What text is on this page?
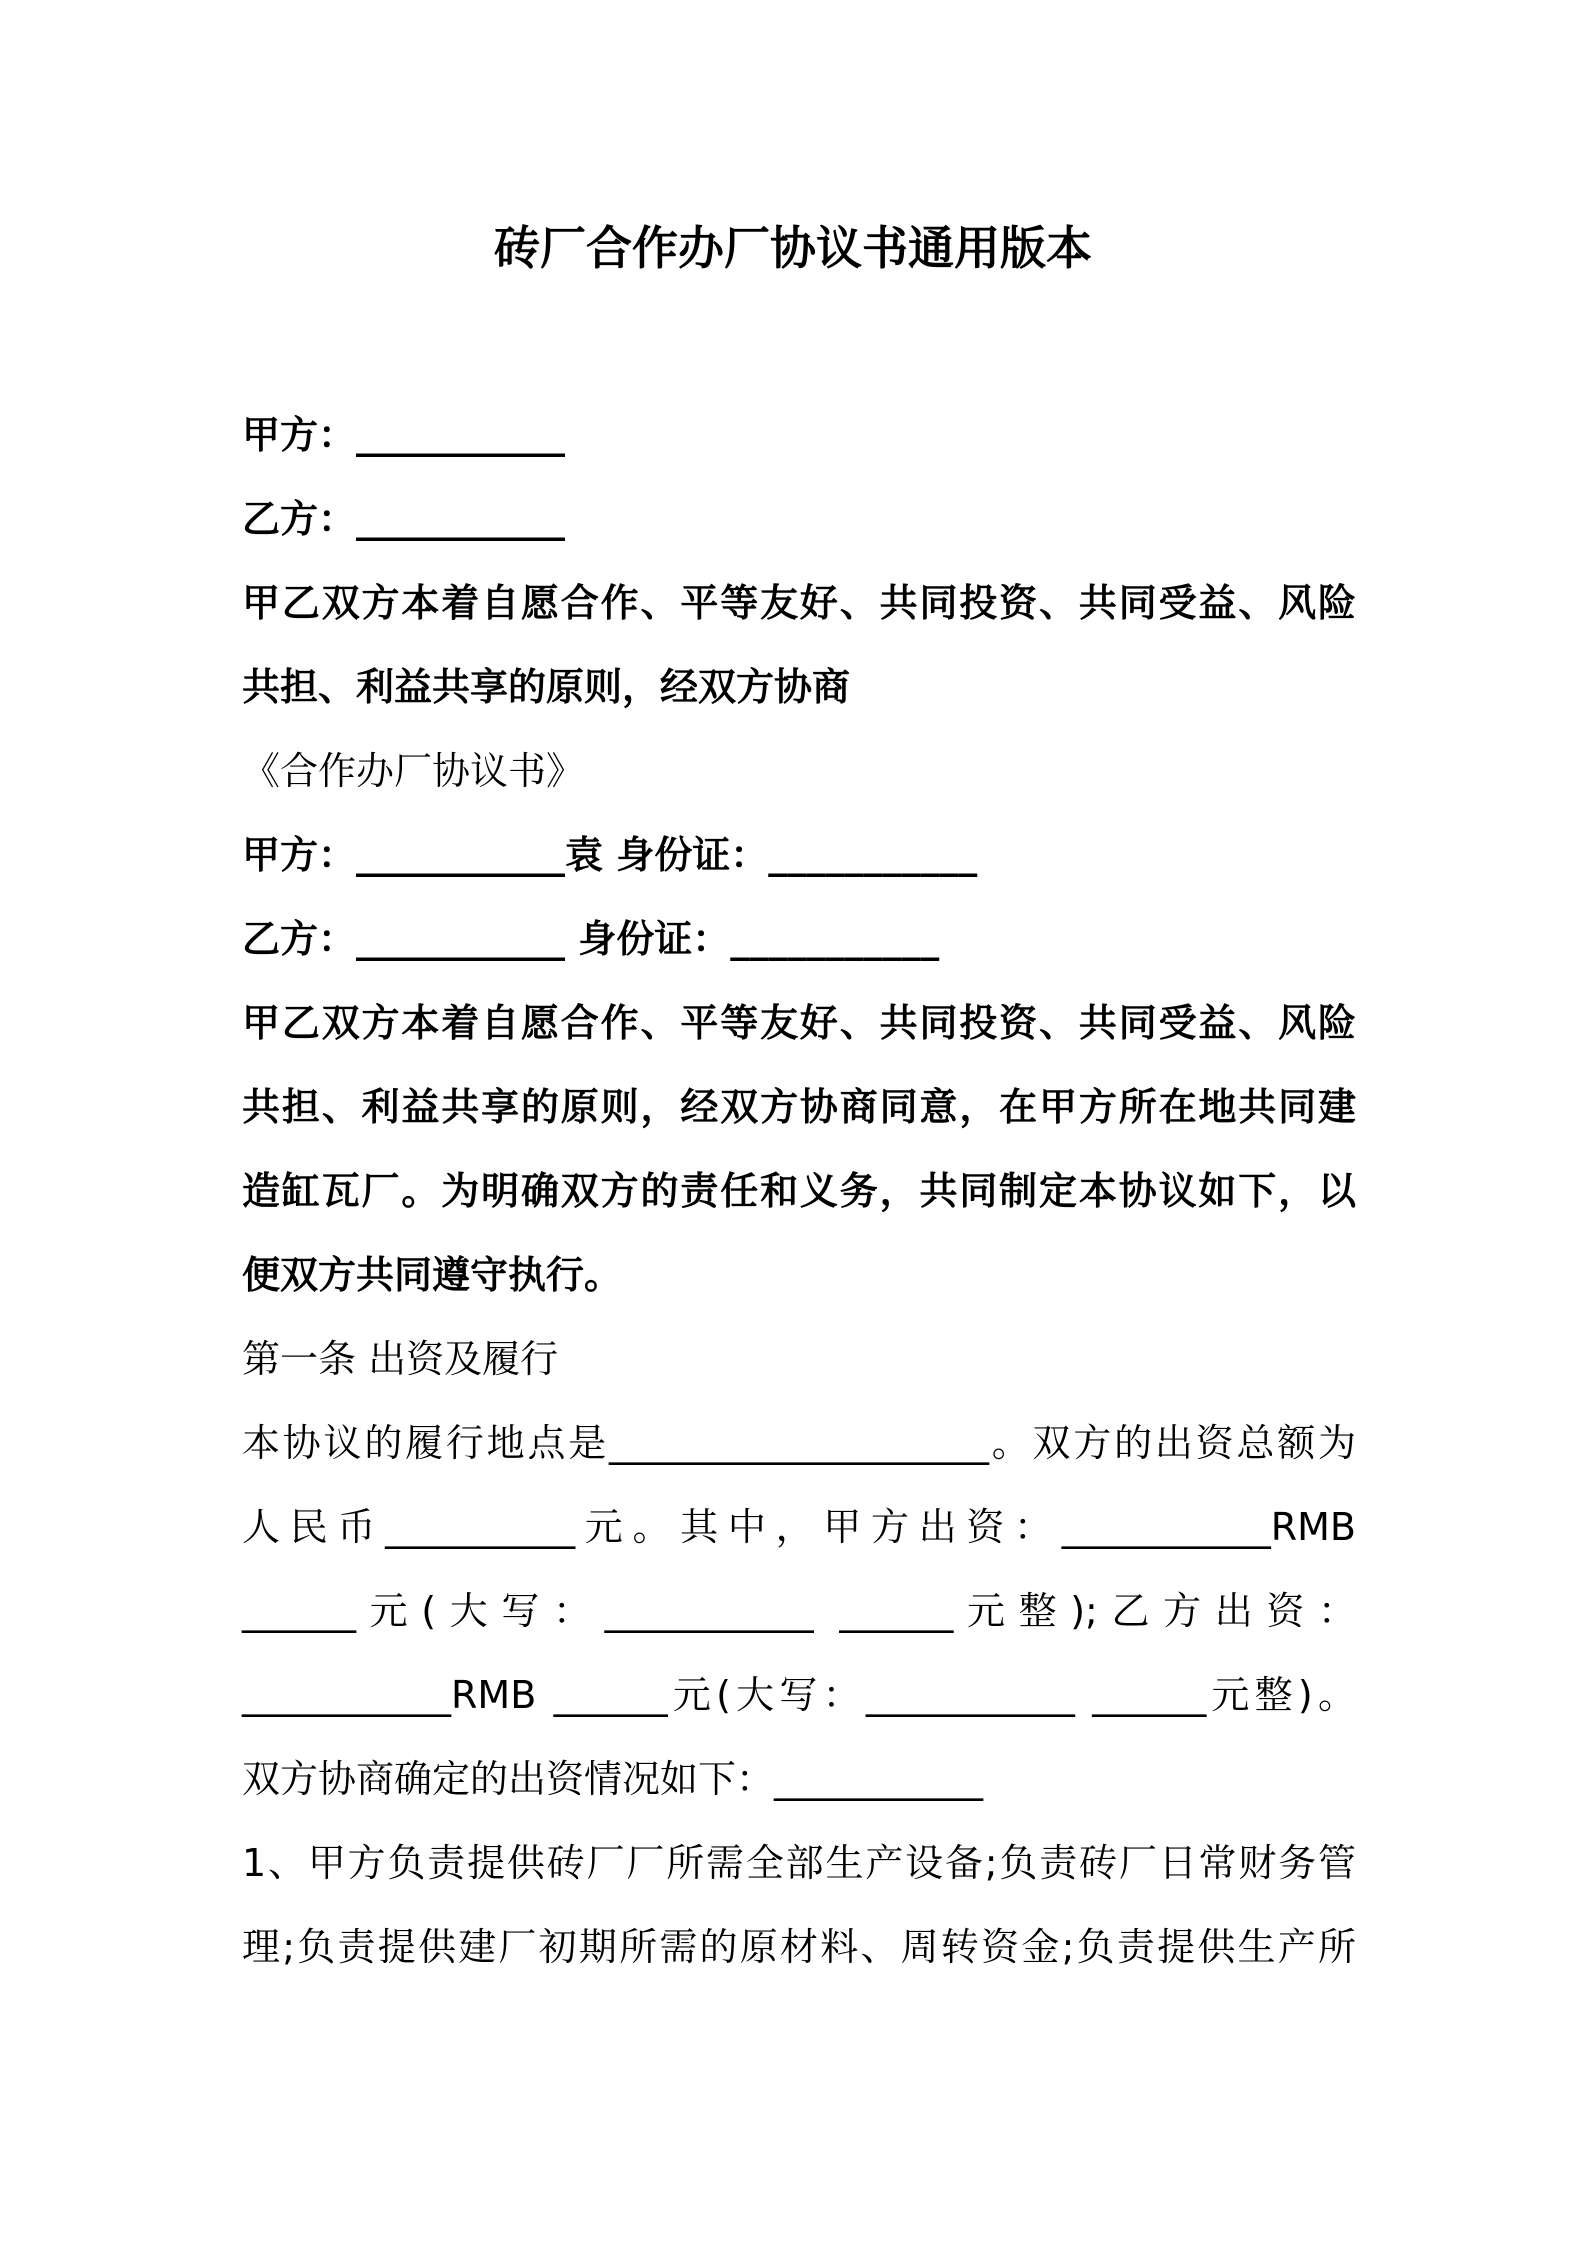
砖厂合作办厂协议书通用版本
甲方：___________
乙方：___________
甲乙双方本着自愿合作、平等友好、共同投资、共同受益、风险
共担、利益共享的原则，经双方协商
《合作办厂协议书》
甲方：___________袁 身份证：___________
乙方：___________ 身份证：___________
甲乙双方本着自愿合作、平等友好、共同投资、共同受益、风险
共担、利益共享的原则，经双方协商同意，在甲方所在地共同建
造缸瓦厂。为明确双方的责任和义务，共同制定本协议如下，以
便双方共同遵守执行。
第一条 出资及履行
本协议的履行地点是____________________。双方的出资总额为
人民币__________元。其中，甲方出资：___________RMB
______元(大写：___________ ______元整);乙方出资：
___________RMB ______元(大写：___________ ______元整)。
双方协商确定的出资情况如下：___________
1、甲方负责提供砖厂厂所需全部生产设备;负责砖厂日常财务管
理;负责提供建厂初期所需的原材料、周转资金;负责提供生产所
